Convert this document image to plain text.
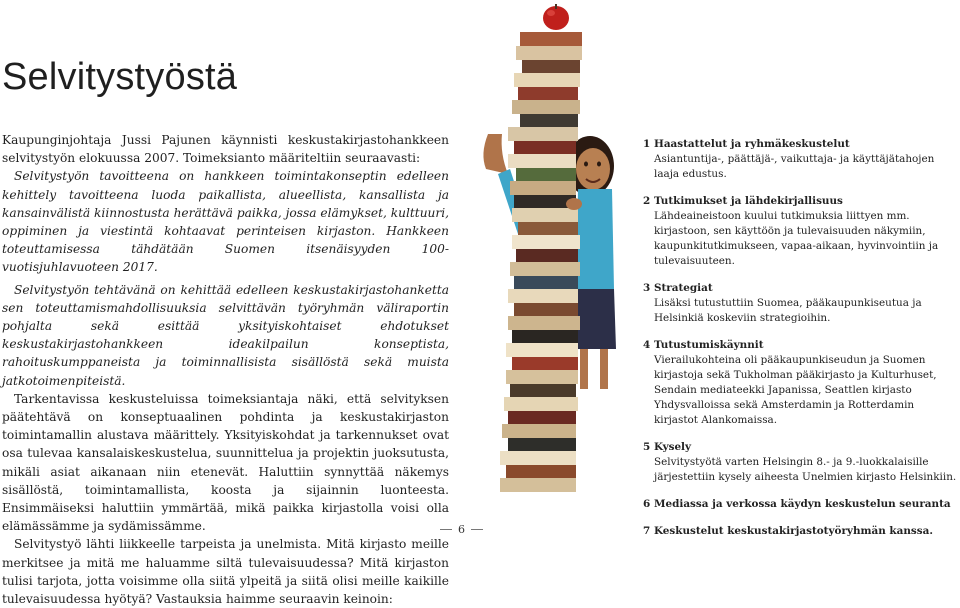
Selvitystyöstä

Kaupunginjohtaja Jussi Pajunen käynnisti keskustakirjastohankkeen selvitystyön elokuussa 2007. Toimeksianto määriteltiin seuraavasti:

Selvitystyön tavoitteena on hankkeen toimintakonseptin edelleen kehittely tavoitteena luoda paikallista, alueellista, kansallista ja kansainvälistä kiinnostusta herättävä paikka, jossa elämykset, kulttuuri, oppiminen ja viestintä kohtaavat perinteisen kirjaston. Hankkeen toteuttamisessa tähdätään Suomen itsenäisyyden 100-vuotisjuhlavuoteen 2017.

Selvitystyön tehtävänä on kehittää edelleen keskustakirjastohanketta sen toteuttamismahdollisuuksia selvittävän työryhmän väliraportin pohjalta sekä esittää yksityiskohtaiset ehdotukset keskustakirjastohankkeen ideakilpailun konseptista, rahoituskumppaneista ja toiminnallisista sisällöstä sekä muista jatkotoimenpiteistä.

Tarkentavissa keskusteluissa toimeksiantaja näki, että selvityksen päätehtävä on konseptuaalinen pohdinta ja keskustakirjaston toimintamallin alustava määrittely. Yksityiskohdat ja tarkennukset ovat osa tulevaa kansalaiskeskustelua, suunnittelua ja projektin juoksutusta, mikäli asiat aikanaan niin etenevät. Haluttiin synnyttää näkemys sisällöstä, toimintamallista, koosta ja sijainnin luonteesta. Ensimmäiseksi haluttiin ymmärtää, mikä paikka kirjastolla voisi olla elämässämme ja sydämissämme.

Selvitystyö lähti liikkeelle tarpeista ja unelmista. Mitä kirjasto meille merkitsee ja mitä me haluamme siltä tulevaisuudessa? Mitä kirjaston tulisi tarjota, jotta voisimme olla siitä ylpeitä ja siitä olisi meille kaikille tulevaisuudessa hyötyä? Vastauksia haimme seuraavin keinoin:

1 Haastattelut ja ryhmäkeskustelut
Asiantuntija-, päättäjä-, vaikuttaja- ja käyttäjätahojen laaja edustus.
2 Tutkimukset ja lähdekirjallisuus
Lähdeaineistoon kuului tutkimuksia liittyen mm. kirjastoon, sen käyttöön ja tulevaisuuden näkymiin, kaupunkitutkimukseen, vapaa-aikaan, hyvinvointiin ja tulevaisuuteen.
3 Strategiat
Lisäksi tutustuttiin Suomea, pääkaupunkiseutua ja Helsinkiä koskeviin strategioihin.
4 Tutustumiskäynnit
Vierailukohteina oli pääkaupunkiseudun ja Suomen kirjastoja sekä Tukholman pääkirjasto ja Kulturhuset, Sendain mediateekki Japanissa, Seattlen kirjasto Yhdysvalloissa sekä Amsterdamin ja Rotterdamin kirjastot Alankomaissa.
5 Kysely
Selvitystyötä varten Helsingin 8.- ja 9.-luokkalaisille järjestettiin kysely aiheesta Unelmien kirjasto Helsinkiin.
6 Mediassa ja verkossa käydyn keskustelun seuranta
7 Keskustelut keskustakirjastotyöryhmän kanssa.
6
